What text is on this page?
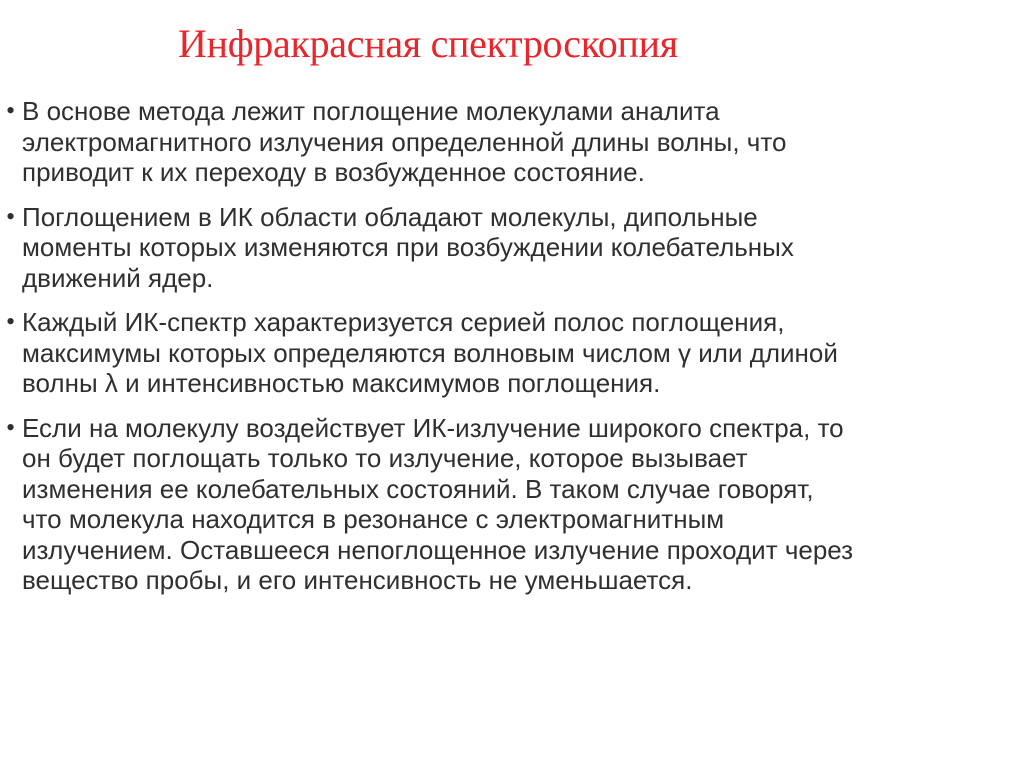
Инфракрасная спектроскопия
• В основе метода лежит поглощение молекулами аналита
электромагнитного излучения определенной длины волны, что
приводит к их переходу в возбужденное состояние.
• Поглощением в ИК области обладают молекулы, дипольные
моменты которых изменяются при возбуждении колебательных
движений ядер.
• Каждый ИК-спектр характеризуется серией полос поглощения,
максимумы которых определяются волновым числом γ или длиной
волны λ и интенсивностью максимумов поглощения.
• Если на молекулу воздействует ИК-излучение широкого спектра, то
он будет поглощать только то излучение, которое вызывает
изменения ее колебательных состояний. В таком случае говорят,
что молекула находится в резонансе с электромагнитным
излучением. Оставшееся непоглощенное излучение проходит через
вещество пробы, и его интенсивность не уменьшается.
